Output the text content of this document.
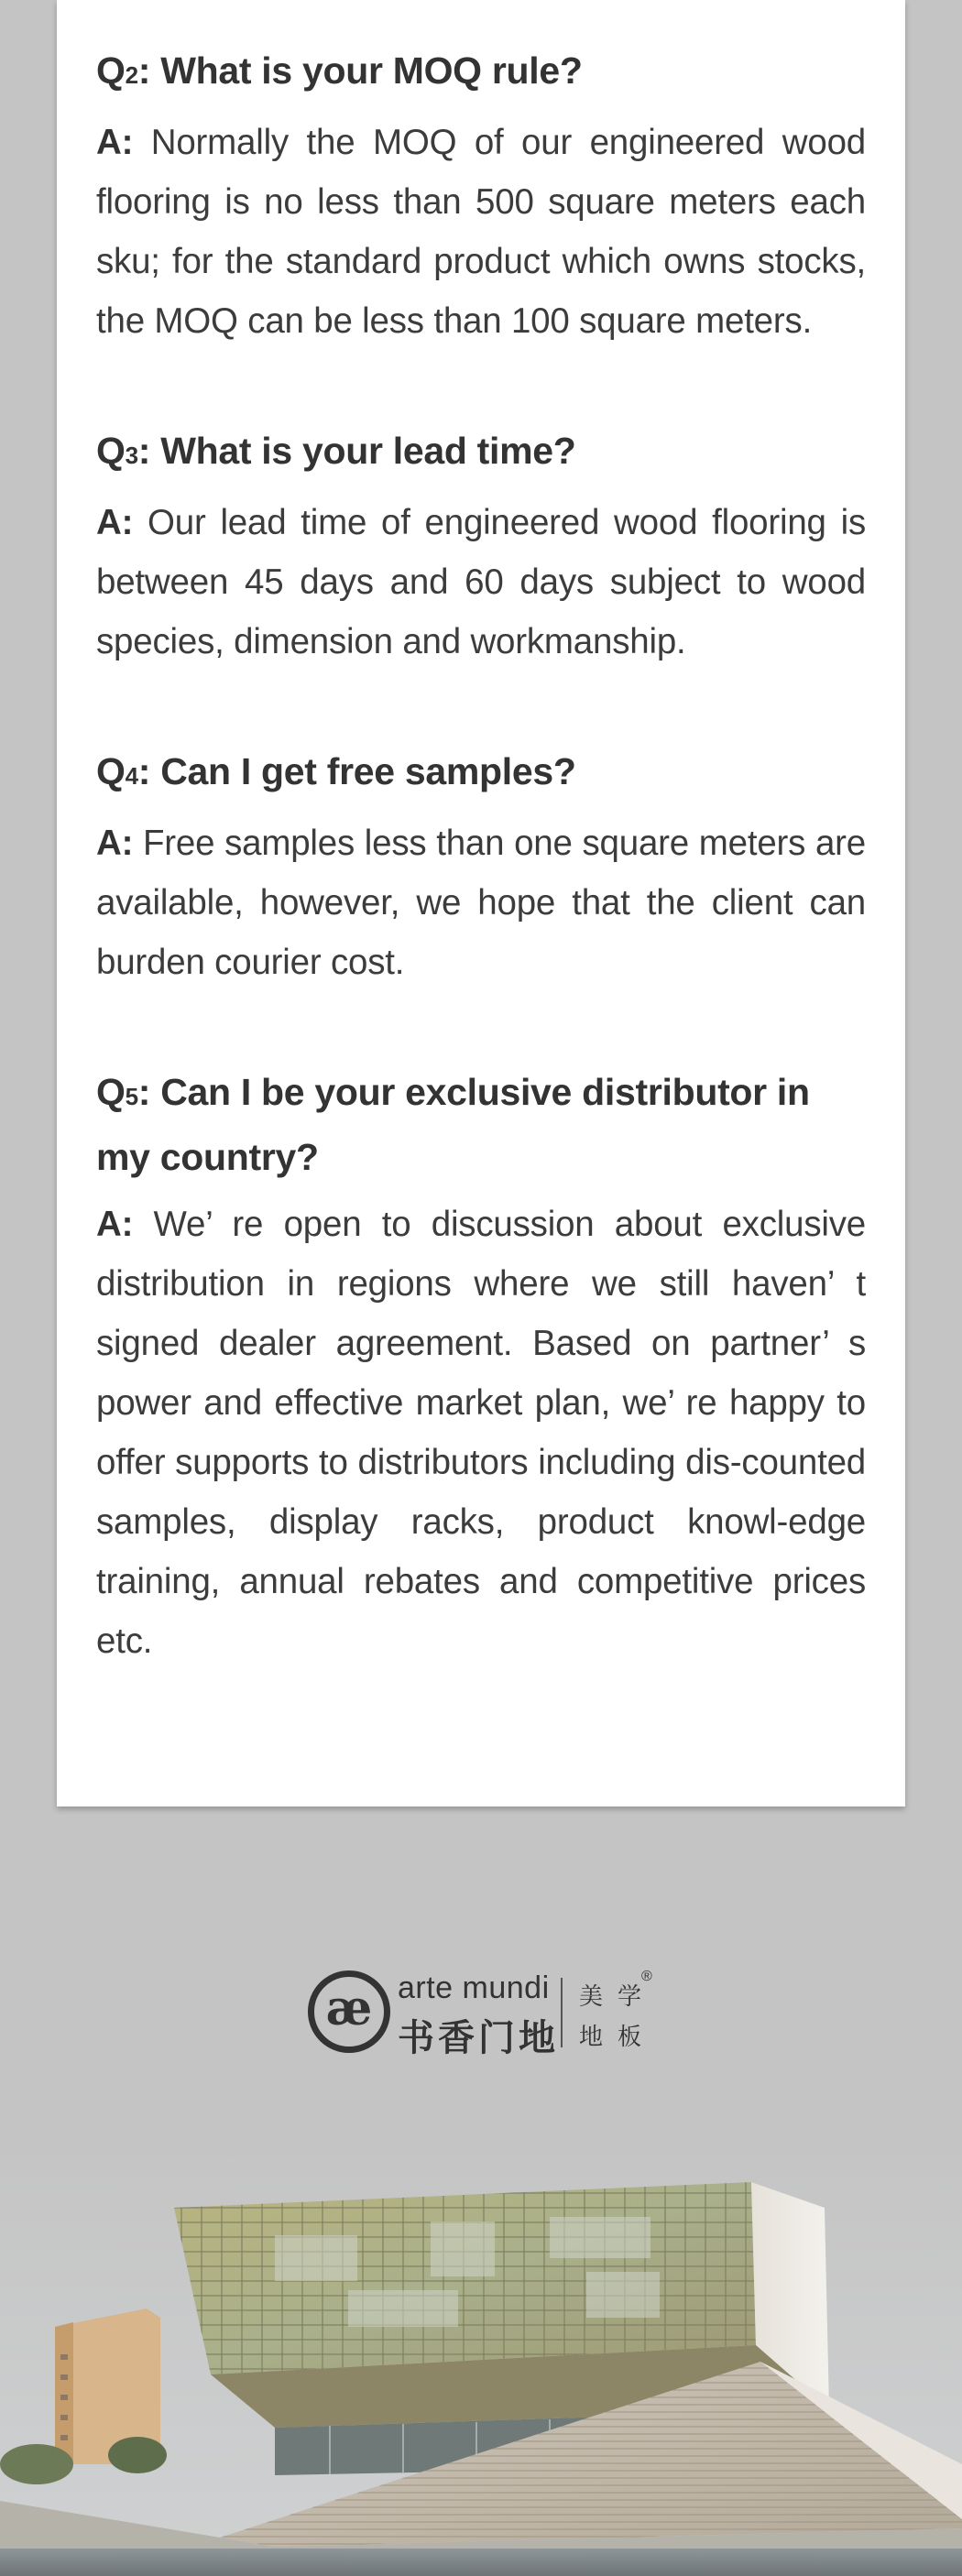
Q2: What is your MOQ rule?
A: Normally the MOQ of our engineered wood flooring is no less than 500 square meters each sku; for the standard product which owns stocks, the MOQ can be less than 100 square meters.
Q3: What is your lead time?
A: Our lead time of engineered wood flooring is between 45 days and 60 days subject to wood species, dimension and workmanship.
Q4: Can I get free samples?
A: Free samples less than one square meters are available, however, we hope that the client can burden courier cost.
Q5: Can I be your exclusive distributor in my country?
A: We’ re open to discussion about exclusive distribution in regions where we still haven’ t signed dealer agreement. Based on partner’ s power and effective market plan, we’ re happy to offer supports to distributors including dis-counted samples, display racks, product knowl-edge training, annual rebates and competitive prices etc.
æ arte mundi
书香门地
美学
地板
®
